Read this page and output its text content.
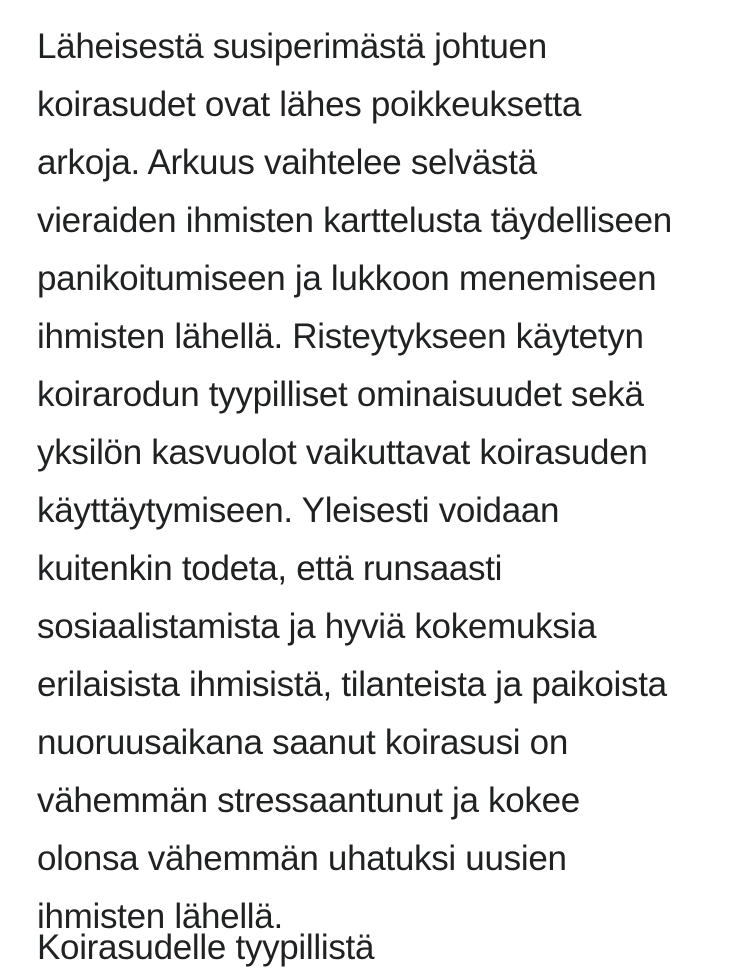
Läheisestä susiperimästä johtuen
koirasudet ovat lähes poikkeuksetta
arkoja. Arkuus vaihtelee selvästä
vieraiden ihmisten karttelusta täydelliseen
panikoitumiseen ja lukkoon menemiseen
ihmisten lähellä. Risteytykseen käytetyn
koirarodun tyypilliset ominaisuudet sekä
yksilön kasvuolot vaikuttavat koirasuden
käyttäytymiseen. Yleisesti voidaan
kuitenkin todeta, että runsaasti
sosiaalistamista ja hyviä kokemuksia
erilaisista ihmisistä, tilanteista ja paikoista
nuoruusaikana saanut koirasusi on
vähemmän stressaantunut ja kokee
olonsa vähemmän uhatuksi uusien
ihmisten lähellä.
Koirasudelle tyypillistä
